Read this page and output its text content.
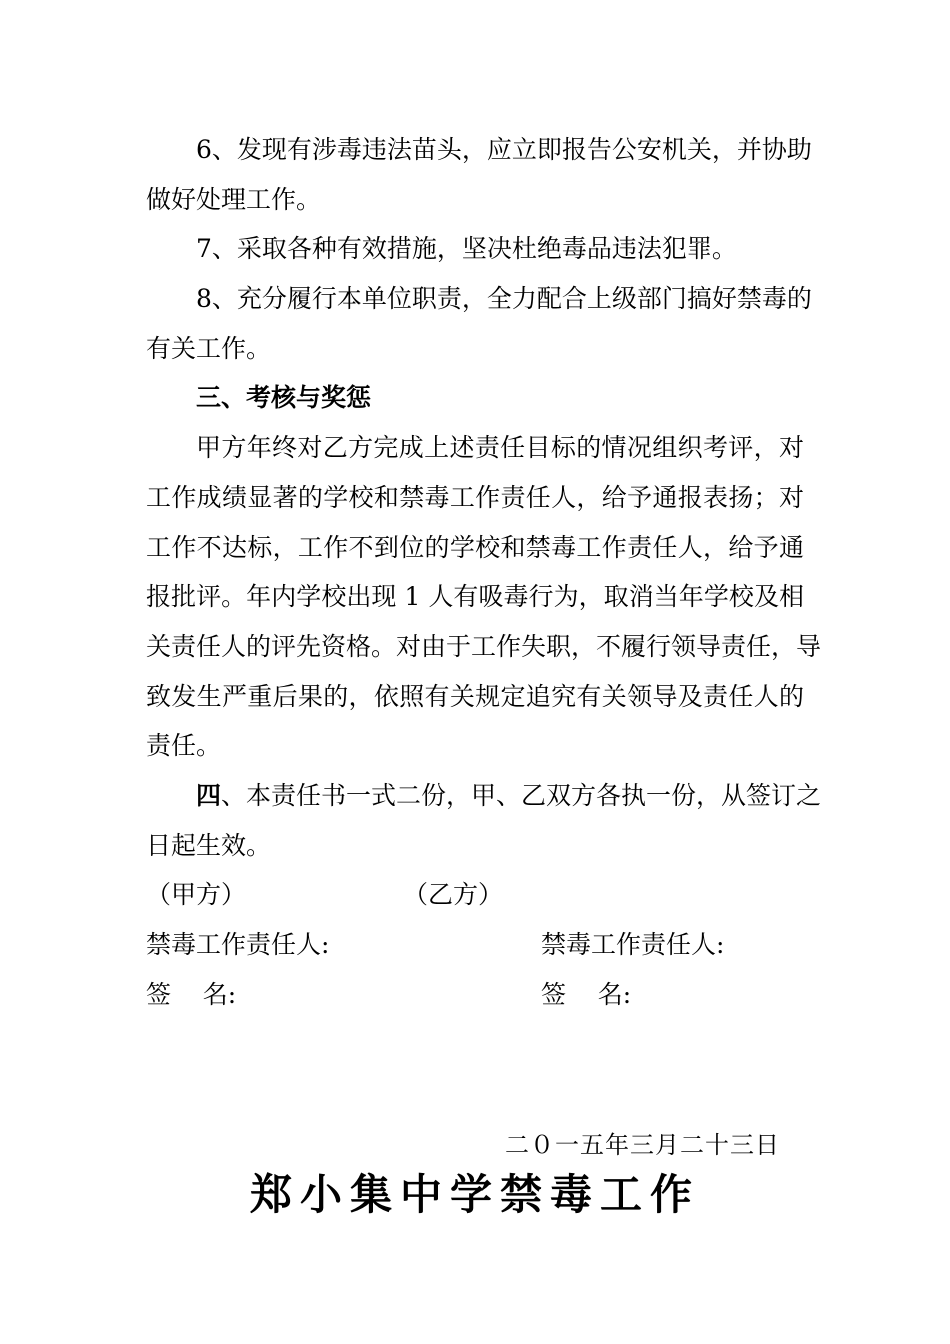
6、发现有涉毒违法苗头，应立即报告公安机关，并协助
做好处理工作。
7、采取各种有效措施，坚决杜绝毒品违法犯罪。
8、充分履行本单位职责，全力配合上级部门搞好禁毒的
有关工作。
三、考核与奖惩
甲方年终对乙方完成上述责任目标的情况组织考评，对
工作成绩显著的学校和禁毒工作责任人，给予通报表扬；对
工作不达标，工作不到位的学校和禁毒工作责任人，给予通
报批评。年内学校出现 1 人有吸毒行为，取消当年学校及相
关责任人的评先资格。对由于工作失职，不履行领导责任，导
致发生严重后果的，依照有关规定追究有关领导及责任人的
责任。
四、本责任书一式二份，甲、乙双方各执一份，从签订之
日起生效。
（甲方）	（乙方）
禁毒工作责任人:	禁毒工作责任人:
签    名:	签    名:
二０一五年三月二十三日
郑小集中学禁毒工作
